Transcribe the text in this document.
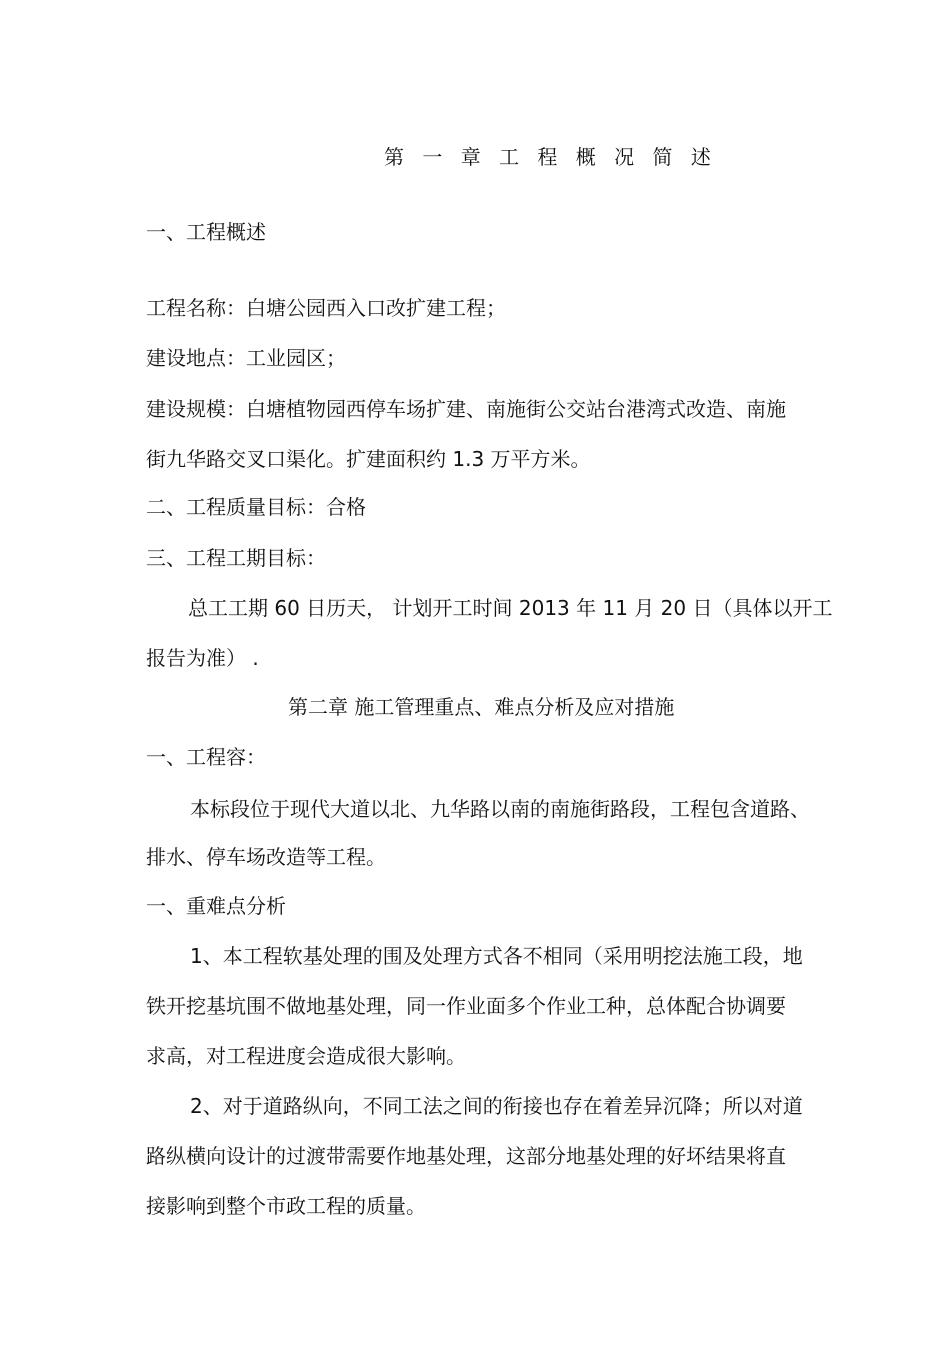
第 一 章 工 程 概 况 简 述
一、工程概述
工程名称：白塘公园西入口改扩建工程；
建设地点：工业园区；
建设规模：白塘植物园西停车场扩建、南施街公交站台港湾式改造、南施
街九华路交叉口渠化。扩建面积约 1.3 万平方米。
二、工程质量目标：合格
三、工程工期目标：
总工工期 60 日历天， 计划开工时间 2013 年 11 月 20 日（具体以开工
报告为准） .
第二章 施工管理重点、难点分析及应对措施
一、工程容：
本标段位于现代大道以北、九华路以南的南施街路段，工程包含道路、
排水、停车场改造等工程。
一、重难点分析
1、本工程软基处理的围及处理方式各不相同（采用明挖法施工段，地
铁开挖基坑围不做地基处理，同一作业面多个作业工种，总体配合协调要
求高，对工程进度会造成很大影响。
2、对于道路纵向，不同工法之间的衔接也存在着差异沉降；所以对道
路纵横向设计的过渡带需要作地基处理，这部分地基处理的好坏结果将直
接影响到整个市政工程的质量。
